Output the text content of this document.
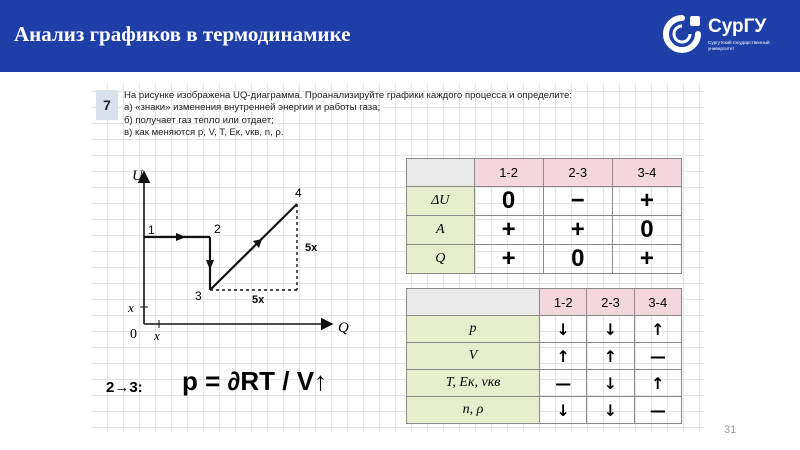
Анализ графиков в термодинамике	СурГУ
Сургутский государственный университет
7
На рисунке изображена UQ-диаграмма. Проанализируйте графики каждого процесса и определите:
а) «знаки» изменения внутренней энергии и работы газа;
б) получает газ тепло или отдает;
в) как меняются p, V, T, Eк, vкв, n, ρ.
U
Q
0
x
x
1	2
3
4
5x
5x
2→3: p = ∂RT / V↑
	1-2	2-3	3-4
ΔU	0	−	+
A	+	+	0
Q	+	0	+
	1-2	2-3	3-4
p	↓	↓	↑
V	↑	↑	—
T, Eк, vкв	—	↓	↑
n, ρ	↓	↓	—
31
